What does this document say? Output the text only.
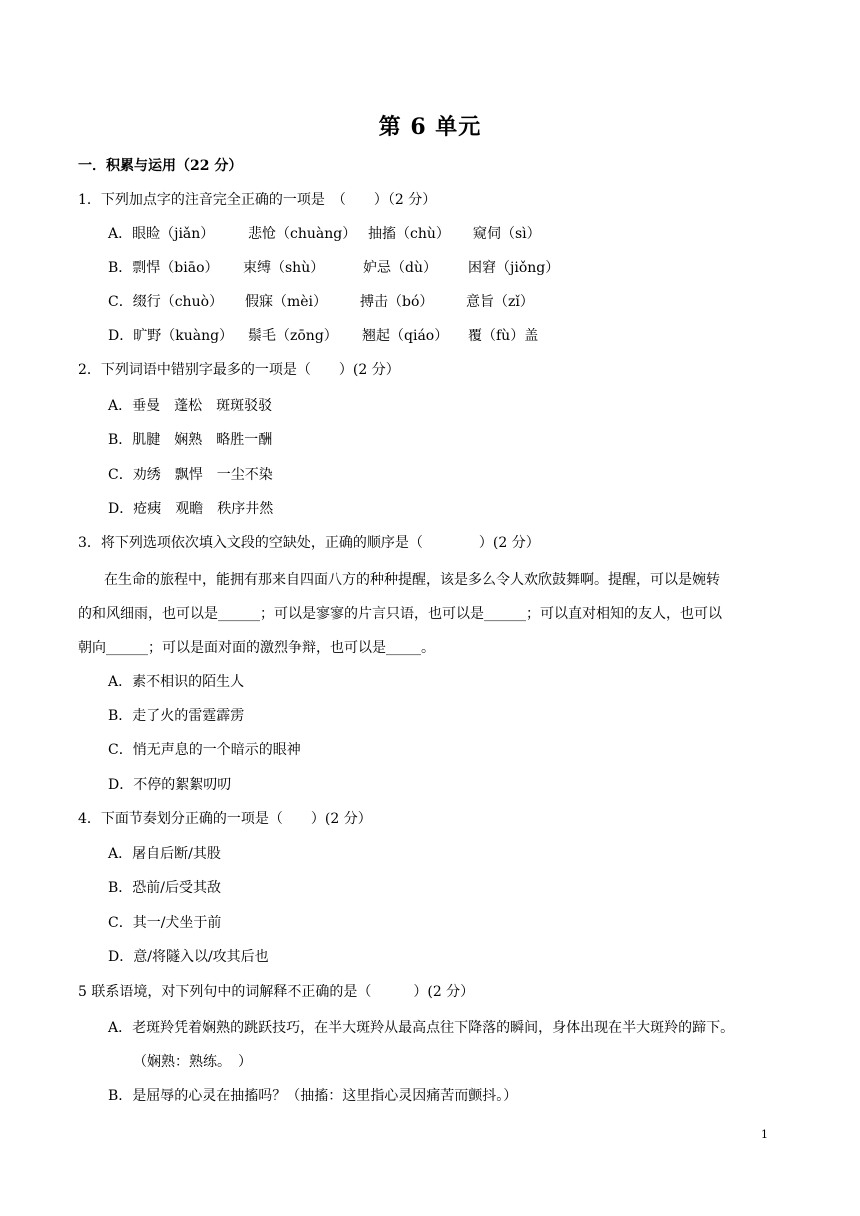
第 6 单元
一．积累与运用（22 分）
1．下列加点字的注音完全正确的一项是　（　　）（2 分）
A．眼睑（jiǎn） 悲怆（chuàng） 抽搐（chù） 窥伺（sì）
B．剽悍（biāo） 束缚（shù）	妒忌（dù） 困窘（jiǒng）
C．缀行（chuò） 假寐（mèi） 搏击（bó） 意旨（zǐ）
D．旷野（kuàng） 鬃毛（zōng） 翘起（qiáo） 覆（fù）盖
2．下列词语中错别字最多的一项是（　　）(2 分）
A．垂曼　蓬松　斑斑驳驳
B．肌腱　娴熟　略胜一酬
C．劝绣　飘悍　一尘不染
D．疮痍　观瞻　秩序井然
3．将下列选项依次填入文段的空缺处，正确的顺序是（　　　　）(2 分）
在生命的旅程中，能拥有那来自四面八方的种种提醒，该是多么令人欢欣鼓舞啊。提醒，可以是婉转
的和风细雨，也可以是______；可以是寥寥的片言只语，也可以是______；可以直对相知的友人，也可以
朝向______；可以是面对面的激烈争辩，也可以是_____。
A．素不相识的陌生人
B．走了火的雷霆霹雳
C．悄无声息的一个暗示的眼神
D．不停的絮絮叨叨
4．下面节奏划分正确的一项是（　　）(2 分）
A．屠自后断/其股
B．恐前/后受其敌
C．其一/犬坐于前
D．意/将隧入以/攻其后也
5 联系语境，对下列句中的词解释不正确的是（　　　）(2 分）
A．老斑羚凭着娴熟的跳跃技巧，在半大斑羚从最高点往下降落的瞬间，身体出现在半大斑羚的蹄下。
（娴熟：熟练。　）
B．是屈辱的心灵在抽搐吗？（抽搐：这里指心灵因痛苦而颤抖。）
1
